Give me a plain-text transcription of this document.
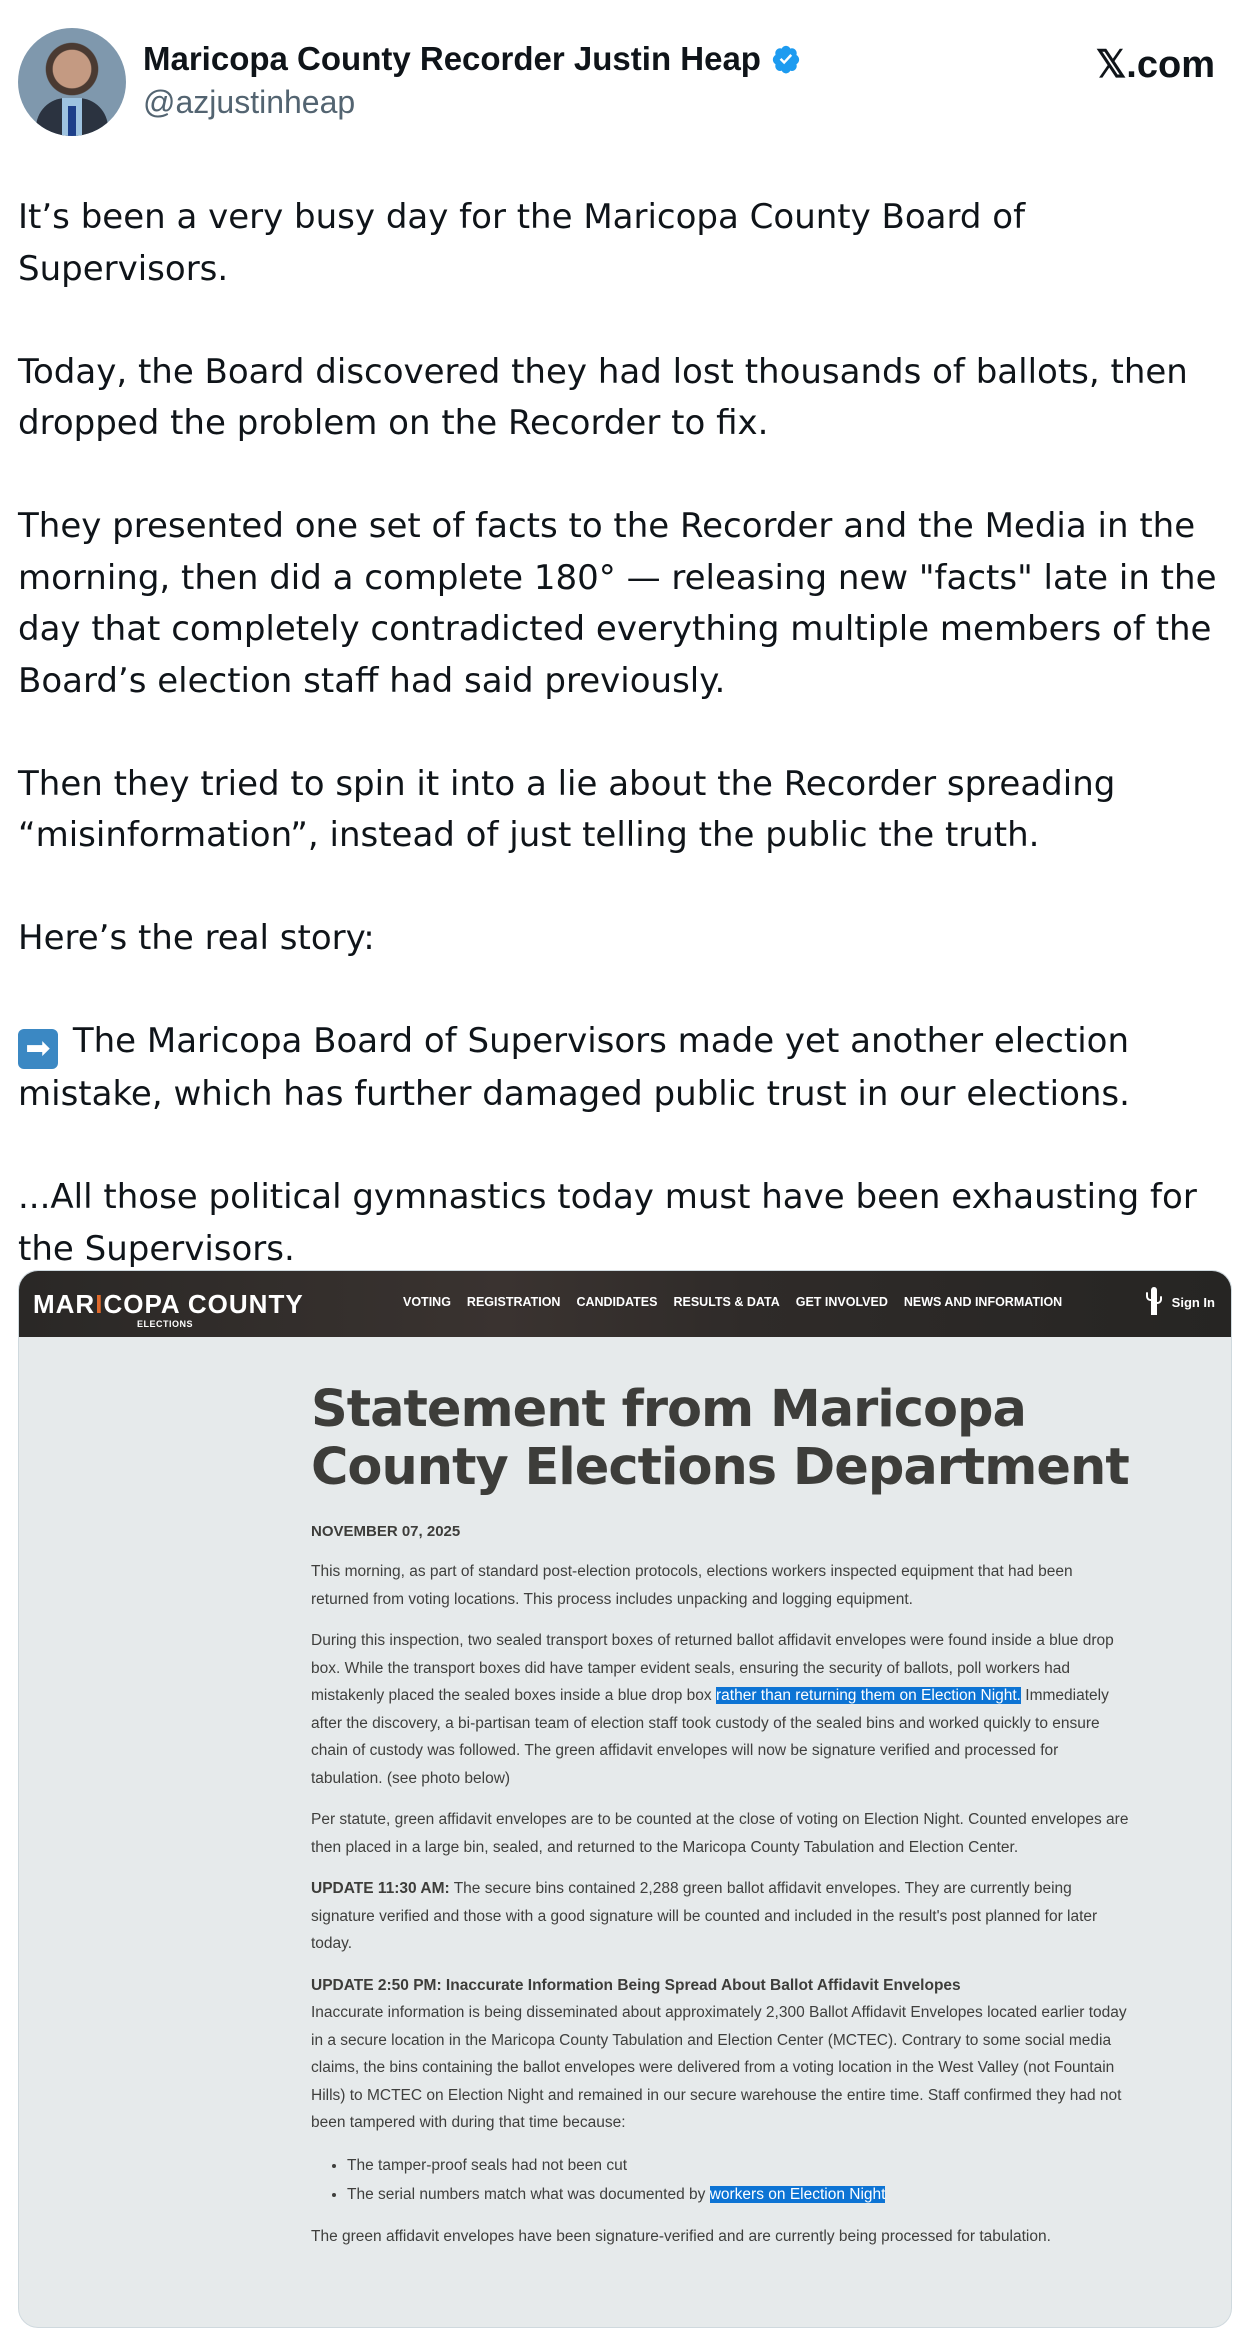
Maricopa County Recorder Justin Heap
@azjustinheap
𝕏.com

It’s been a very busy day for the Maricopa County Board of Supervisors.

Today, the Board discovered they had lost thousands of ballots, then dropped the problem on the Recorder to fix.

They presented one set of facts to the Recorder and the Media in the morning, then did a complete 180° — releasing new "facts" late in the day that completely contradicted everything multiple members of the Board’s election staff had said previously.

Then they tried to spin it into a lie about the Recorder spreading “misinformation”, instead of just telling the public the truth.

Here’s the real story:

➡ The Maricopa Board of Supervisors made yet another election mistake, which has further damaged public trust in our elections.

...All those political gymnastics today must have been exhausting for the Supervisors.

MARICOPA COUNTY
ELECTIONS
VOTING REGISTRATION CANDIDATES RESULTS & DATA GET INVOLVED NEWS AND INFORMATION	Sign In
Statement from Maricopa County Elections Department
NOVEMBER 07, 2025

This morning, as part of standard post-election protocols, elections workers inspected equipment that had been returned from voting locations. This process includes unpacking and logging equipment.

During this inspection, two sealed transport boxes of returned ballot affidavit envelopes were found inside a blue drop box. While the transport boxes did have tamper evident seals, ensuring the security of ballots, poll workers had mistakenly placed the sealed boxes inside a blue drop box rather than returning them on Election Night. Immediately after the discovery, a bi-partisan team of election staff took custody of the sealed bins and worked quickly to ensure chain of custody was followed. The green affidavit envelopes will now be signature verified and processed for tabulation. (see photo below)

Per statute, green affidavit envelopes are to be counted at the close of voting on Election Night. Counted envelopes are then placed in a large bin, sealed, and returned to the Maricopa County Tabulation and Election Center.

UPDATE 11:30 AM: The secure bins contained 2,288 green ballot affidavit envelopes. They are currently being signature verified and those with a good signature will be counted and included in the result's post planned for later today.

UPDATE 2:50 PM: Inaccurate Information Being Spread About Ballot Affidavit Envelopes
Inaccurate information is being disseminated about approximately 2,300 Ballot Affidavit Envelopes located earlier today in a secure location in the Maricopa County Tabulation and Election Center (MCTEC). Contrary to some social media claims, the bins containing the ballot envelopes were delivered from a voting location in the West Valley (not Fountain Hills) to MCTEC on Election Night and remained in our secure warehouse the entire time. Staff confirmed they had not been tampered with during that time because:

• The tamper-proof seals had not been cut
• The serial numbers match what was documented by workers on Election Night

The green affidavit envelopes have been signature-verified and are currently being processed for tabulation.
